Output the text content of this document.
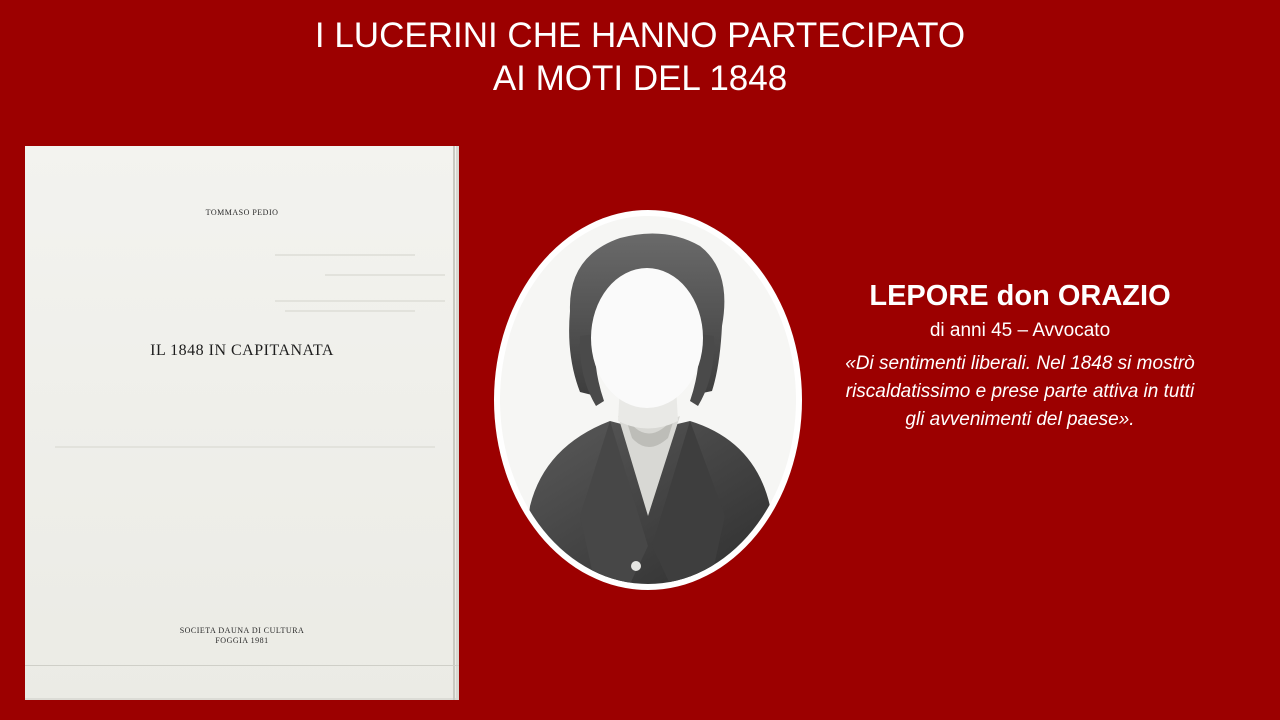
I LUCERINI CHE HANNO PARTECIPATO
AI MOTI DEL 1848
TOMMASO PEDIO
IL 1848 IN CAPITANATA
SOCIETA DAUNA DI CULTURA
FOGGIA 1981
LEPORE don ORAZIO
di anni 45 – Avvocato
«Di sentimenti liberali. Nel 1848 si mostrò
riscaldatissimo e prese parte attiva in tutti
gli avvenimenti del paese».
